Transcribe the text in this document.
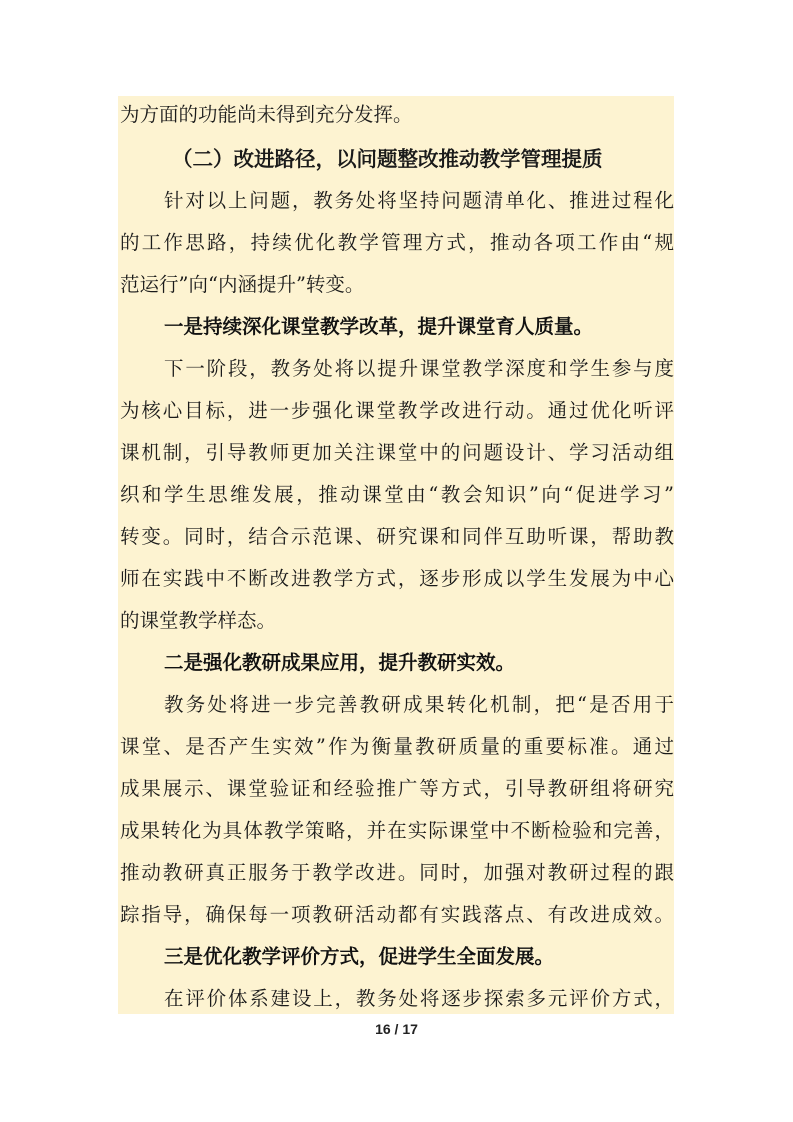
为方面的功能尚未得到充分发挥。
（二）改进路径，以问题整改推动教学管理提质
针对以上问题，教务处将坚持问题清单化、推进过程化
的工作思路，持续优化教学管理方式，推动各项工作由“规
范运行”向“内涵提升”转变。
一是持续深化课堂教学改革，提升课堂育人质量。
下一阶段，教务处将以提升课堂教学深度和学生参与度
为核心目标，进一步强化课堂教学改进行动。通过优化听评
课机制，引导教师更加关注课堂中的问题设计、学习活动组
织和学生思维发展，推动课堂由“教会知识”向“促进学习”
转变。同时，结合示范课、研究课和同伴互助听课，帮助教
师在实践中不断改进教学方式，逐步形成以学生发展为中心
的课堂教学样态。
二是强化教研成果应用，提升教研实效。
教务处将进一步完善教研成果转化机制，把“是否用于
课堂、是否产生实效”作为衡量教研质量的重要标准。通过
成果展示、课堂验证和经验推广等方式，引导教研组将研究
成果转化为具体教学策略，并在实际课堂中不断检验和完善，
推动教研真正服务于教学改进。同时，加强对教研过程的跟
踪指导，确保每一项教研活动都有实践落点、有改进成效。
三是优化教学评价方式，促进学生全面发展。
在评价体系建设上，教务处将逐步探索多元评价方式，
16 / 17
